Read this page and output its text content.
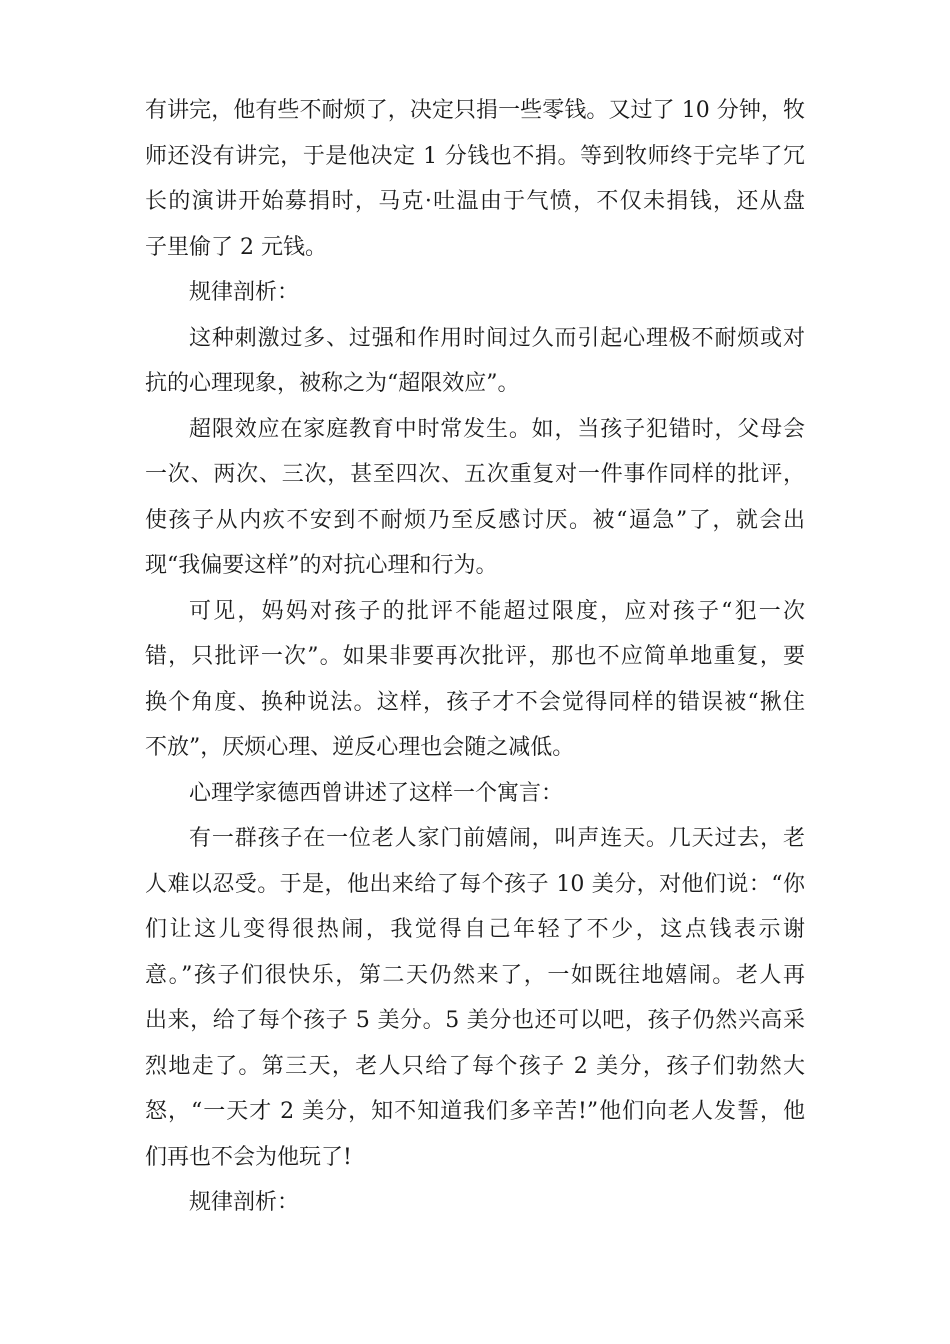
有讲完，他有些不耐烦了，决定只捐一些零钱。又过了 10 分钟，牧
师还没有讲完，于是他决定 1 分钱也不捐。等到牧师终于完毕了冗
长的演讲开始募捐时，马克·吐温由于气愤，不仅未捐钱，还从盘
子里偷了 2 元钱。

规律剖析：

这种刺激过多、过强和作用时间过久而引起心理极不耐烦或对
抗的心理现象，被称之为“超限效应”。

超限效应在家庭教育中时常发生。如，当孩子犯错时，父母会
一次、两次、三次，甚至四次、五次重复对一件事作同样的批评，
使孩子从内疚不安到不耐烦乃至反感讨厌。被“逼急”了，就会出
现“我偏要这样”的对抗心理和行为。

可见，妈妈对孩子的批评不能超过限度，应对孩子“犯一次
错，只批评一次”。如果非要再次批评，那也不应简单地重复，要
换个角度、换种说法。这样，孩子才不会觉得同样的错误被“揪住
不放”，厌烦心理、逆反心理也会随之减低。

心理学家德西曾讲述了这样一个寓言：

有一群孩子在一位老人家门前嬉闹，叫声连天。几天过去，老
人难以忍受。于是，他出来给了每个孩子 10 美分，对他们说：“你
们让这儿变得很热闹，我觉得自己年轻了不少，这点钱表示谢
意。”孩子们很快乐，第二天仍然来了，一如既往地嬉闹。老人再
出来，给了每个孩子 5 美分。5 美分也还可以吧，孩子仍然兴高采
烈地走了。第三天，老人只给了每个孩子 2 美分，孩子们勃然大
怒，“一天才 2 美分，知不知道我们多辛苦!”他们向老人发誓，他
们再也不会为他玩了!

规律剖析：
